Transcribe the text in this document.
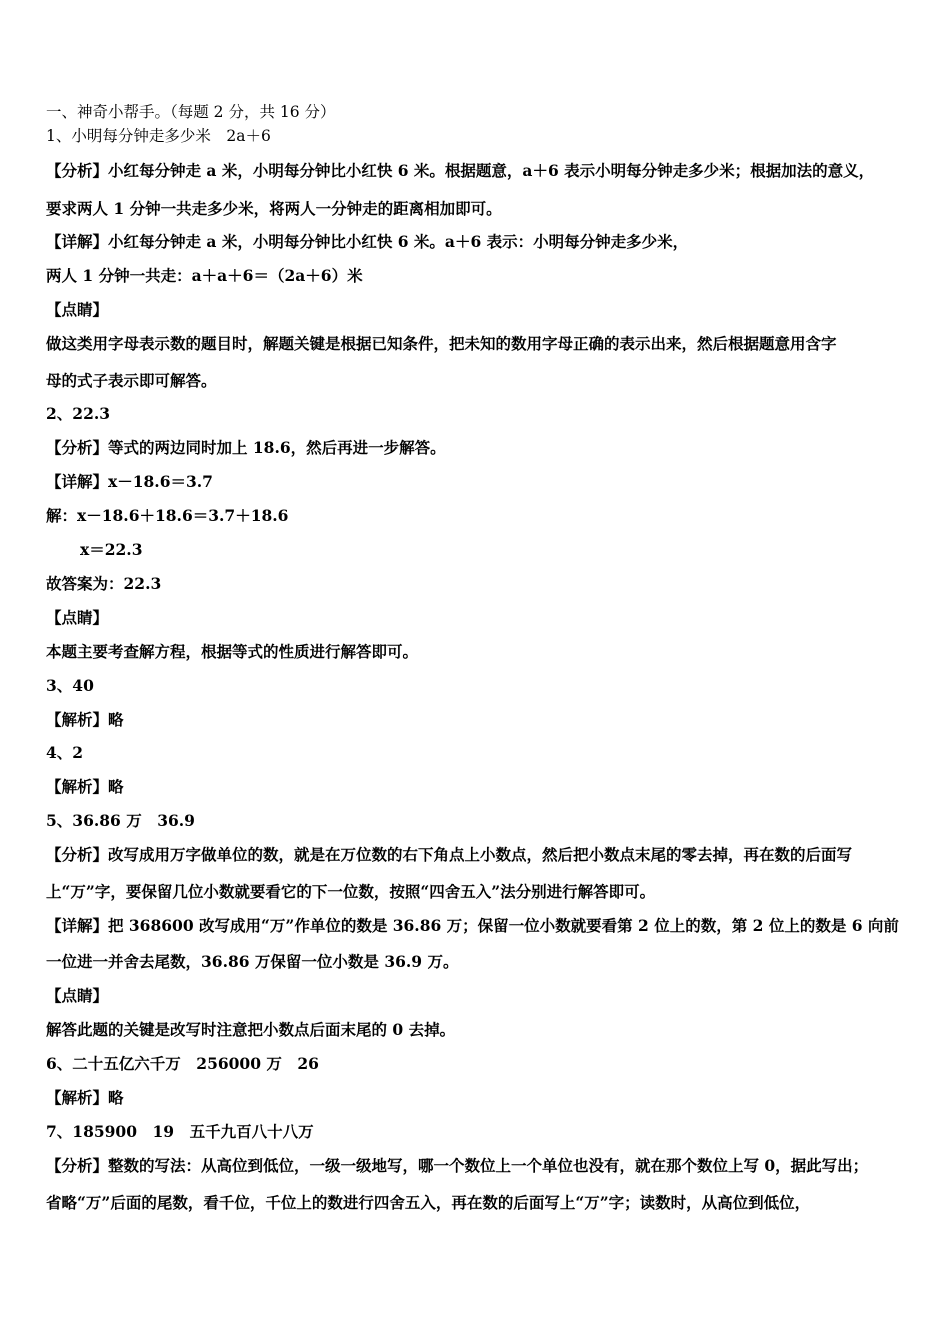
一、神奇小帮手。（每题 2 分，共 16 分）
1、小明每分钟走多少米　2a＋6
【分析】小红每分钟走 a 米，小明每分钟比小红快 6 米。根据题意，a＋6 表示小明每分钟走多少米；根据加法的意义，
要求两人 1 分钟一共走多少米，将两人一分钟走的距离相加即可。
【详解】小红每分钟走 a 米，小明每分钟比小红快 6 米。a＋6 表示：小明每分钟走多少米，
两人 1 分钟一共走：a＋a＋6＝（2a＋6）米
【点睛】
做这类用字母表示数的题目时，解题关键是根据已知条件，把未知的数用字母正确的表示出来，然后根据题意用含字
母的式子表示即可解答。
2、22.3
【分析】等式的两边同时加上 18.6，然后再进一步解答。
【详解】x－18.6＝3.7
解：x－18.6＋18.6＝3.7＋18.6
x＝22.3
故答案为：22.3
【点睛】
本题主要考查解方程，根据等式的性质进行解答即可。
3、40
【解析】略
4、2
【解析】略
5、36.86 万　36.9
【分析】改写成用万字做单位的数，就是在万位数的右下角点上小数点，然后把小数点末尾的零去掉，再在数的后面写
上“万”字，要保留几位小数就要看它的下一位数，按照“四舍五入”法分别进行解答即可。
【详解】把 368600 改写成用“万”作单位的数是 36.86 万；保留一位小数就要看第 2 位上的数，第 2 位上的数是 6 向前
一位进一并舍去尾数，36.86 万保留一位小数是 36.9 万。
【点睛】
解答此题的关键是改写时注意把小数点后面末尾的 0 去掉。
6、二十五亿六千万　256000 万　26
【解析】略
7、185900　19　五千九百八十八万
【分析】整数的写法：从高位到低位，一级一级地写，哪一个数位上一个单位也没有，就在那个数位上写 0，据此写出；
省略“万”后面的尾数，看千位，千位上的数进行四舍五入，再在数的后面写上“万”字；读数时，从高位到低位，
